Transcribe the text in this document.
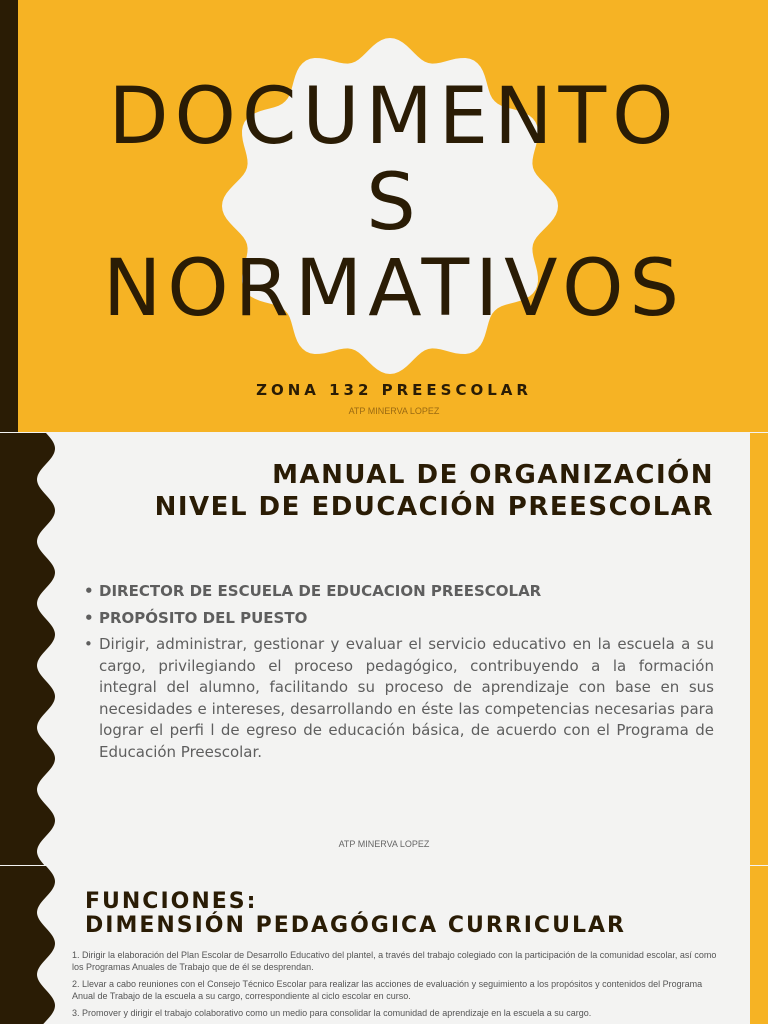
DOCUMENTO
S
NORMATIVOS
ZONA 132 PREESCOLAR
ATP MINERVA LOPEZ
MANUAL DE ORGANIZACIÓN
NIVEL DE EDUCACIÓN PREESCOLAR
• DIRECTOR DE ESCUELA DE EDUCACION PREESCOLAR
• PROPÓSITO DEL PUESTO
• Dirigir, administrar, gestionar y evaluar el servicio educativo en la escuela a su cargo, privilegiando el proceso pedagógico, contribuyendo a la formación integral del alumno, facilitando su proceso de aprendizaje con base en sus necesidades e intereses, desarrollando en éste las competencias necesarias para lograr el perfi l de egreso de educación básica, de acuerdo con el Programa de Educación Preescolar.
ATP MINERVA LOPEZ
FUNCIONES:
DIMENSIÓN PEDAGÓGICA CURRICULAR
1. Dirigir la elaboración del Plan Escolar de Desarrollo Educativo del plantel, a través del trabajo colegiado con la participación de la comunidad escolar, así como los Programas Anuales de Trabajo que de él se desprendan.
2. Llevar a cabo reuniones con el Consejo Técnico Escolar para realizar las acciones de evaluación y seguimiento a los propósitos y contenidos del Programa Anual de Trabajo de la escuela a su cargo, correspondiente al ciclo escolar en curso.
3. Promover y dirigir el trabajo colaborativo como un medio para consolidar la comunidad de aprendizaje en la escuela a su cargo.
